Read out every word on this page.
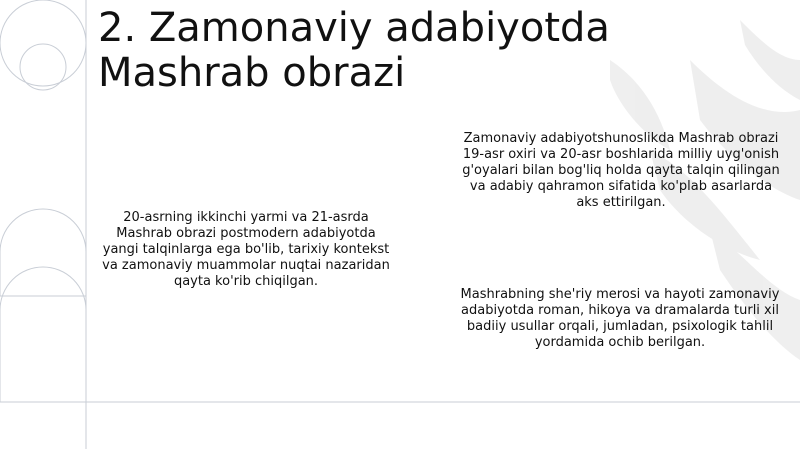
2. Zamonaviy adabiyotda Mashrab obrazi

20-asrning ikkinchi yarmi va 21-asrda Mashrab obrazi postmodern adabiyotda yangi talqinlarga ega bo'lib, tarixiy kontekst va zamonaviy muammolar nuqtai nazaridan qayta ko'rib chiqilgan.

Zamonaviy adabiyotshunoslikda Mashrab obrazi 19-asr oxiri va 20-asr boshlarida milliy uyg'onish g'oyalari bilan bog'liq holda qayta talqin qilingan va adabiy qahramon sifatida ko'plab asarlarda aks ettirilgan.

Mashrabning she'riy merosi va hayoti zamonaviy adabiyotda roman, hikoya va dramalarda turli xil badiiy usullar orqali, jumladan, psixologik tahlil yordamida ochib berilgan.
